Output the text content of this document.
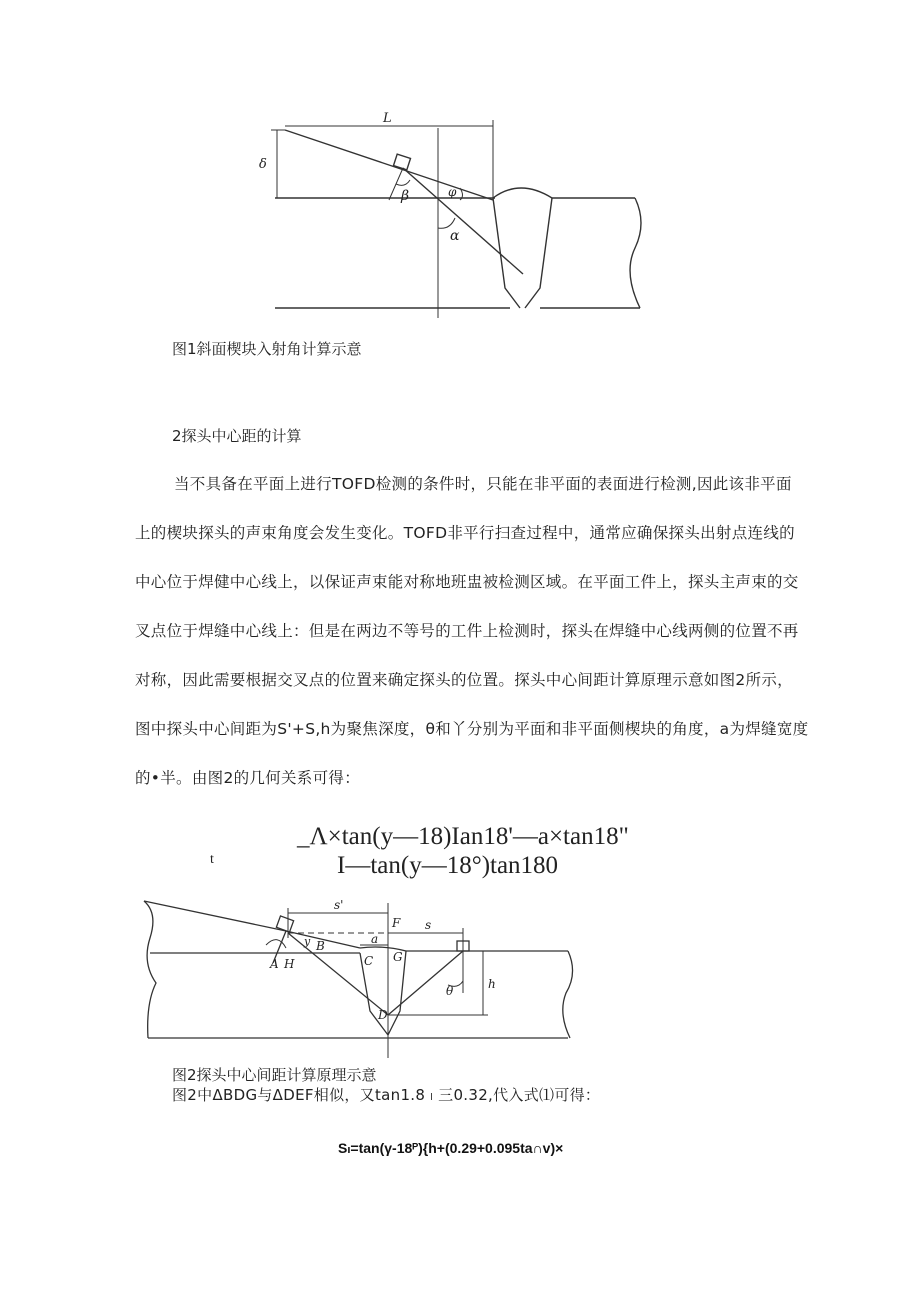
L
δ
β	φ
α
图1斜面楔块入射角计算示意
2探头中心距的计算
当不具备在平面上进行TOFD检测的条件时，只能在非平面的表面进行检测,因此该非平面
上的楔块探头的声束角度会发生变化。TOFD非平行扫查过程中，通常应确保探头出射点连线的
中心位于焊健中心线上，以保证声束能对称地班盅被检测区域。在平面工件上，探头主声束的交
叉点位于焊缝中心线上：但是在两边不等号的工件上检测时，探头在焊缝中心线两侧的位置不再
对称，因此需要根据交叉点的位置来确定探头的位置。探头中心间距计算原理示意如图2所示，
图中探头中心间距为S'+S,h为聚焦深度，θ和丫分别为平面和非平面侧楔块的角度，a为焊缝宽度
的•半。由图2的几何关系可得：
_Λ×tan(y—18)Ian18'—a×tan18"
t	I—tan(y—18°)tan180
s'
F s
a
y B
A H	C G
D
θ	h
图2探头中心间距计算原理示意
图2中ΔBDG与ΔDEF相似，又tan1.8 ₗ 三0.32,代入式⑴可得：
Sₗ=tan(γ-18ᴾ){h+(0.29+0.095ta∩v)×
